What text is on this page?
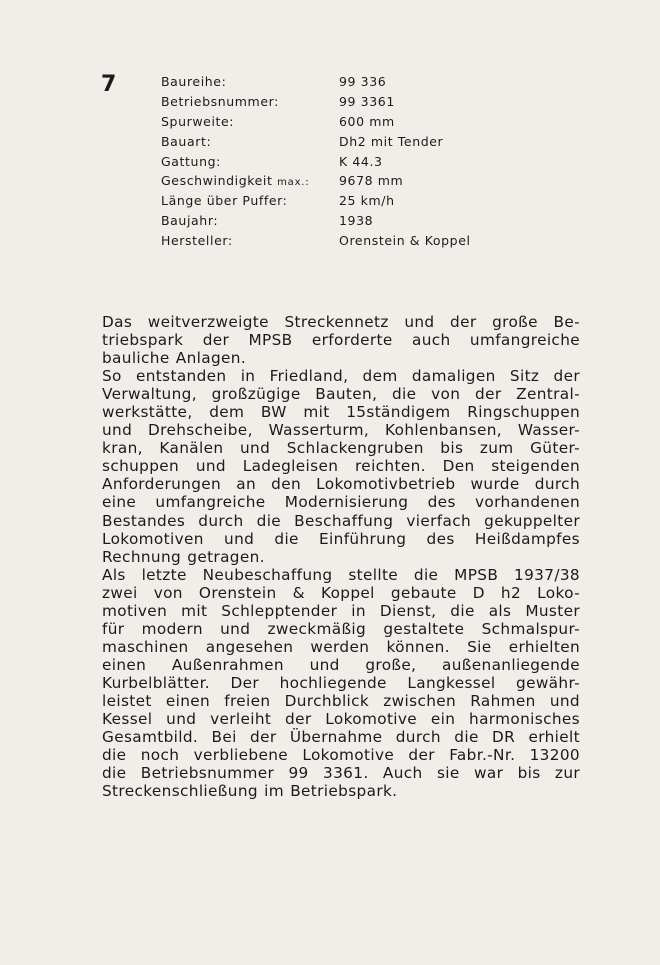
7	Baureihe:	99 336
Betriebsnummer:	99 3361
Spurweite:	600 mm
Bauart:	Dh2 mit Tender
Gattung:	K 44.3
Geschwindigkeit max.:	9678 mm
Länge über Puffer:	25 km/h
Baujahr:	1938
Hersteller:	Orenstein & Koppel
Das weitverzweigte Streckennetz und der große Be-
triebspark der MPSB erforderte auch umfangreiche
bauliche Anlagen.
So entstanden in Friedland, dem damaligen Sitz der
Verwaltung, großzügige Bauten, die von der Zentral-
werkstätte, dem BW mit 15ständigem Ringschuppen
und Drehscheibe, Wasserturm, Kohlenbansen, Wasser-
kran, Kanälen und Schlackengruben bis zum Güter-
schuppen und Ladegleisen reichten. Den steigenden
Anforderungen an den Lokomotivbetrieb wurde durch
eine umfangreiche Modernisierung des vorhandenen
Bestandes durch die Beschaffung vierfach gekuppelter
Lokomotiven und die Einführung des Heißdampfes
Rechnung getragen.
Als letzte Neubeschaffung stellte die MPSB 1937/38
zwei von Orenstein & Koppel gebaute D h2 Loko-
motiven mit Schlepptender in Dienst, die als Muster
für modern und zweckmäßig gestaltete Schmalspur-
maschinen angesehen werden können. Sie erhielten
einen Außenrahmen und große, außenanliegende
Kurbelblätter. Der hochliegende Langkessel gewähr-
leistet einen freien Durchblick zwischen Rahmen und
Kessel und verleiht der Lokomotive ein harmonisches
Gesamtbild. Bei der Übernahme durch die DR erhielt
die noch verbliebene Lokomotive der Fabr.-Nr. 13200
die Betriebsnummer 99 3361. Auch sie war bis zur
Streckenschließung im Betriebspark.
